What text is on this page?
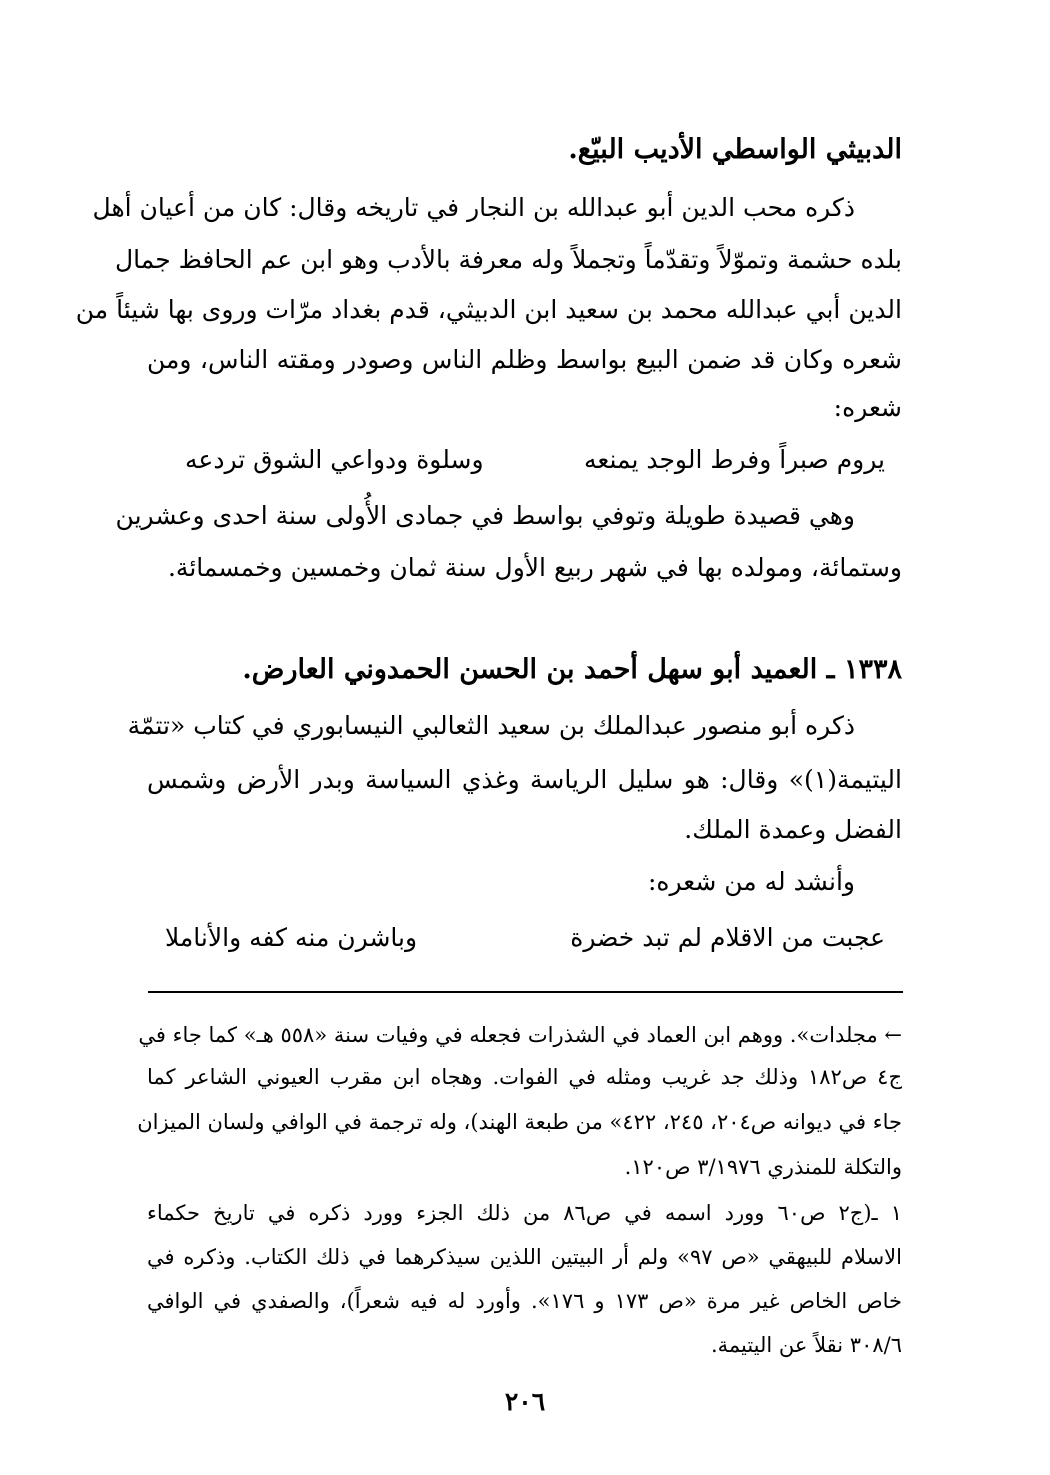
الدبيثي الواسطي الأديب البيّع.

ذكره محب الدين أبو عبدالله بن النجار في تاريخه وقال: كان من أعيان أهل

بلده حشمة وتموّلاً وتقدّماً وتجملاً وله معرفة بالأدب وهو ابن عم الحافظ جمال

الدين أبي عبدالله محمد بن سعيد ابن الدبيثي، قدم بغداد مرّات وروى بها شيئاً من

شعره وكان قد ضمن البيع بواسط وظلم الناس وصودر ومقته الناس، ومن

شعره:

يروم صبراً وفرط الوجد يمنعه
وسلوة ودواعي الشوق تردعه

وهي قصيدة طويلة وتوفي بواسط في جمادى الأُولى سنة احدى وعشرين

وستمائة، ومولده بها في شهر ربيع الأول سنة ثمان وخمسين وخمسمائة.

١٣٣٨ ـ العميد أبو سهل أحمد بن الحسن الحمدوني العارض.

ذكره أبو منصور عبدالملك بن سعيد الثعالبي النيسابوري في كتاب «تتمّة

اليتيمة(١)» وقال: هو سليل الرياسة وغذي السياسة وبدر الأرض وشمس

الفضل وعمدة الملك.

وأنشد له من شعره:

عجبت من الاقلام لم تبد خضرة
وباشرن منه كفه والأناملا

← مجلدات». ووهم ابن العماد في الشذرات فجعله في وفيات سنة «٥٥٨ هـ» كما جاء في

ج٤ ص١٨٢ وذلك جد غريب ومثله في الفوات. وهجاه ابن مقرب العيوني الشاعر كما

جاء في ديوانه ص٢٠٤، ٢٤٥، ٤٢٢» من طبعة الهند)، وله ترجمة في الوافي ولسان الميزان

والتكلة للمنذري ٣/١٩٧٦ ص١٢٠.

١ ـ(ج٢ ص٦٠ وورد اسمه في ص٨٦ من ذلك الجزء وورد ذكره في تاريخ حكماء

الاسلام للبيهقي «ص ٩٧» ولم أر البيتين اللذين سيذكرهما في ذلك الكتاب. وذكره في

خاص الخاص غير مرة «ص ١٧٣ و ١٧٦». وأورد له فيه شعراً)، والصفدي في الوافي

٣٠٨/٦ نقلاً عن اليتيمة.

٢٠٦
